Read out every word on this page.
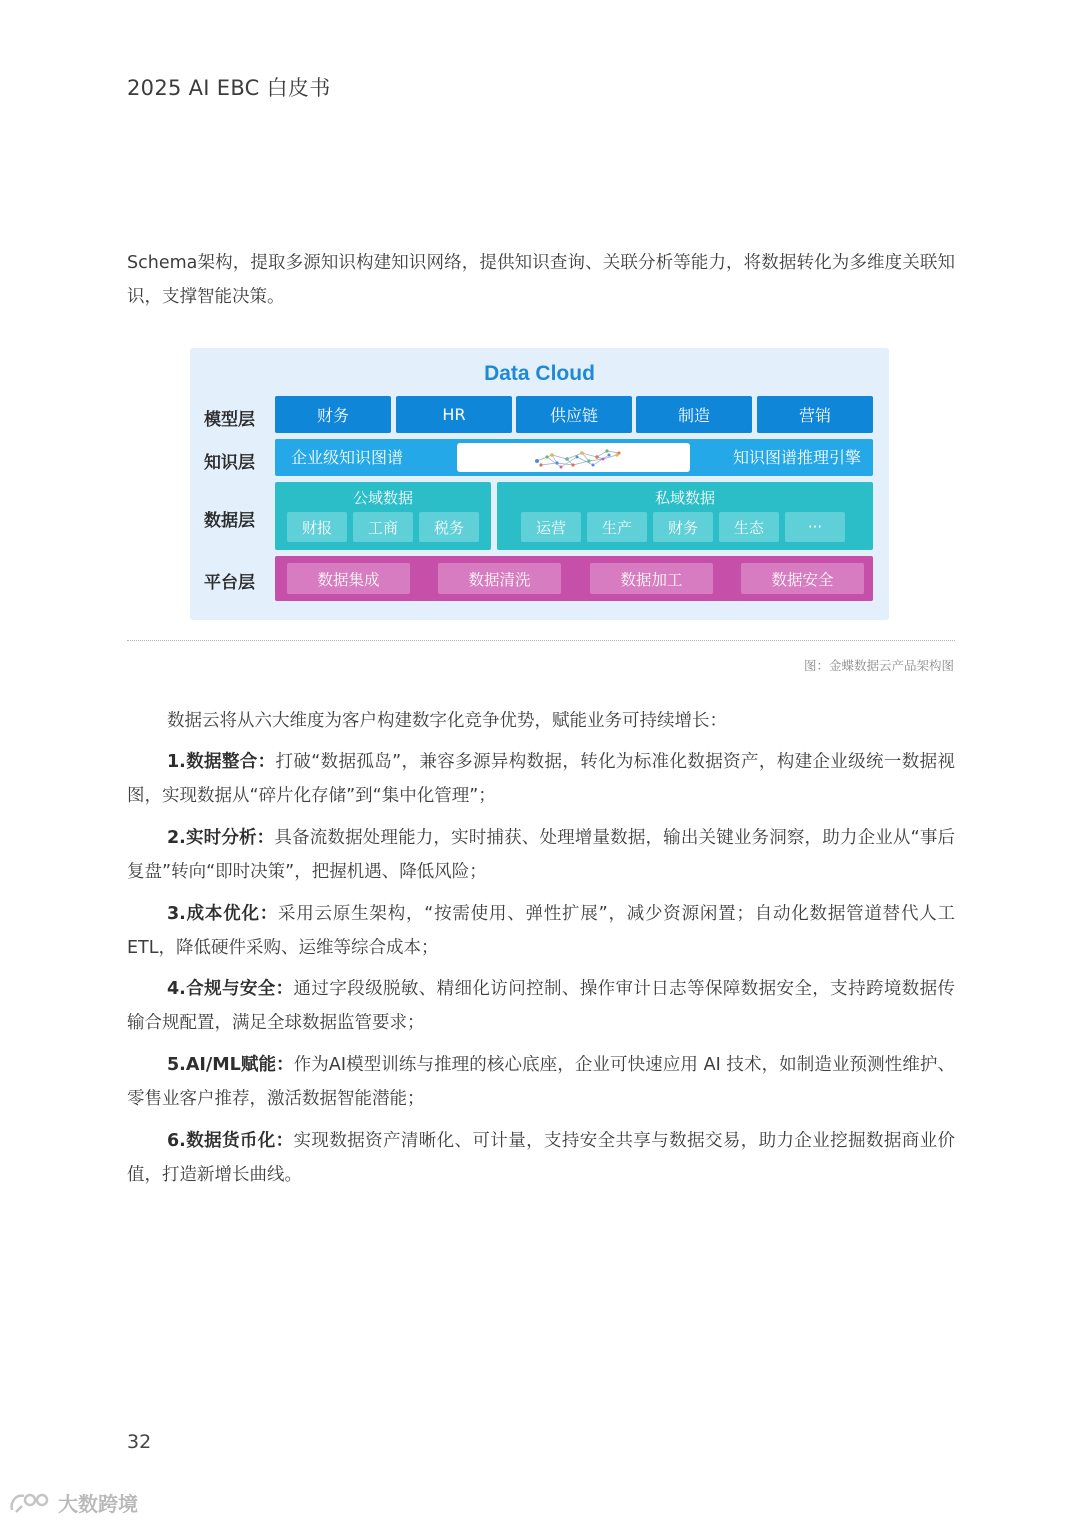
2025 AI EBC 白皮书
Schema架构，提取多源知识构建知识网络，提供知识查询、关联分析等能力，将数据转化为多维度关联知识，支撑智能决策。
Data Cloud
模型层
知识层
数据层
平台层
财务	HR	供应链	制造	营销
企业级知识图谱	知识图谱推理引擎
公域数据
财报	工商	税务
私域数据
运营	生产	财务	生态	···
数据集成	数据清洗	数据加工	数据安全
图：金蝶数据云产品架构图
数据云将从六大维度为客户构建数字化竞争优势，赋能业务可持续增长：
1.数据整合：打破“数据孤岛”，兼容多源异构数据，转化为标准化数据资产，构建企业级统一数据视图，实现数据从“碎片化存储”到“集中化管理”；
2.实时分析：具备流数据处理能力，实时捕获、处理增量数据，输出关键业务洞察，助力企业从“事后复盘”转向“即时决策”，把握机遇、降低风险；
3.成本优化：采用云原生架构，“按需使用、弹性扩展”，减少资源闲置；自动化数据管道替代人工 ETL，降低硬件采购、运维等综合成本；
4.合规与安全：通过字段级脱敏、精细化访问控制、操作审计日志等保障数据安全，支持跨境数据传输合规配置，满足全球数据监管要求；
5.AI/ML赋能：作为AI模型训练与推理的核心底座，企业可快速应用 AI 技术，如制造业预测性维护、零售业客户推荐，激活数据智能潜能；
6.数据货币化：实现数据资产清晰化、可计量，支持安全共享与数据交易，助力企业挖掘数据商业价值，打造新增长曲线。
32
大数跨境
